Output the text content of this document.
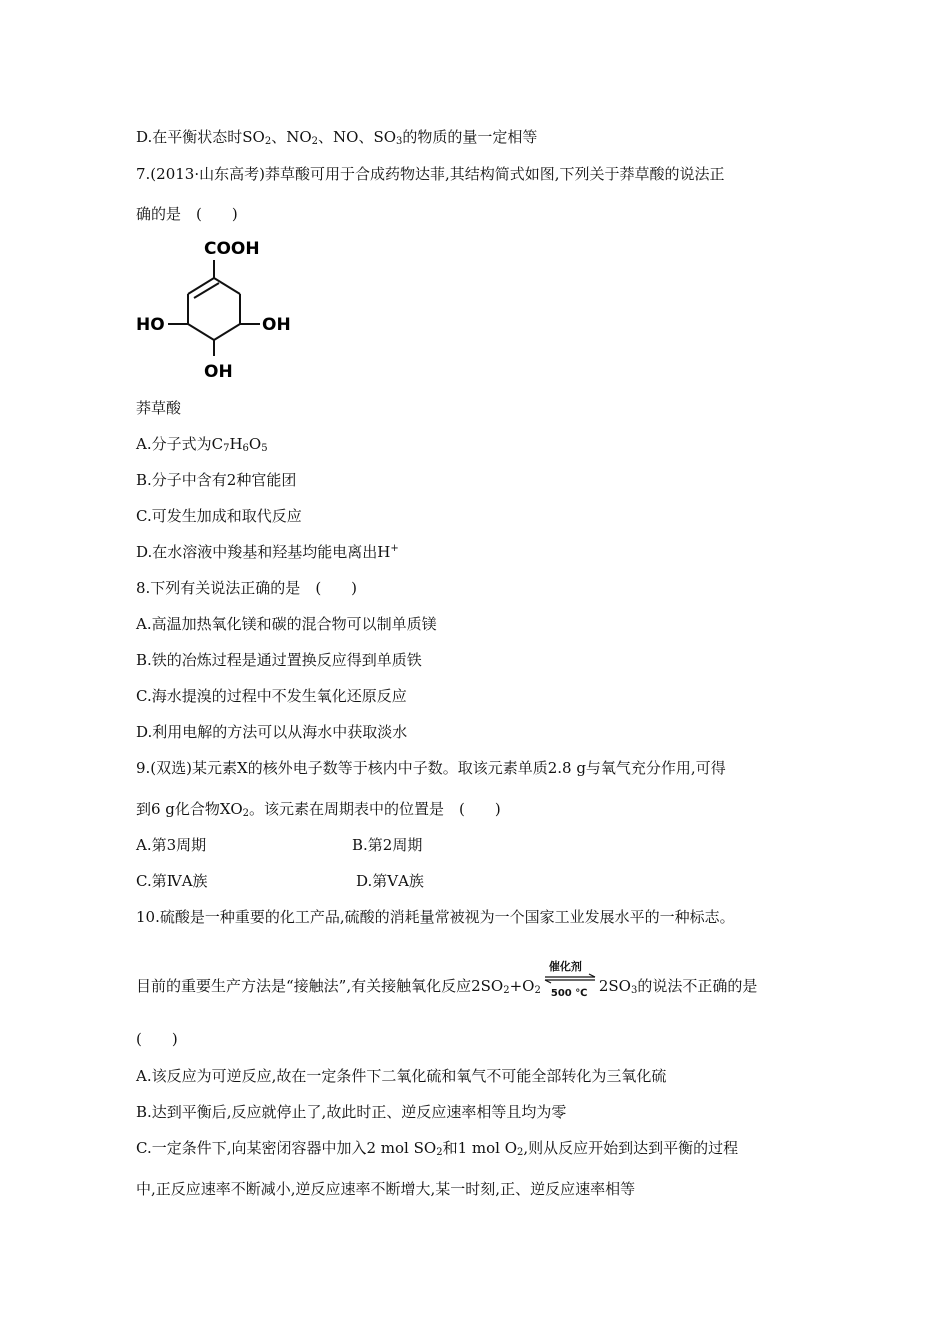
D.在平衡状态时$SO_2$、$NO_2$、NO、$SO_3$的物质的量一定相等
7.(2013·山东高考)莽草酸可用于合成药物达菲,其结构简式如图,下列关于莽草酸的说法正
确的是　(　　)
COOH
HO	OH
OH
莽草酸
A.分子式为$C_7H_6O_5$
B.分子中含有2种官能团
C.可发生加成和取代反应
D.在水溶液中羧基和羟基均能电离出H+
8.下列有关说法正确的是　(　　)
A.高温加热氧化镁和碳的混合物可以制单质镁
B.铁的冶炼过程是通过置换反应得到单质铁
C.海水提溴的过程中不发生氧化还原反应
D.利用电解的方法可以从海水中获取淡水
9.(双选)某元素X的核外电子数等于核内中子数。取该元素单质2.8 g与氧气充分作用,可得
到6 g化合物$XO_2$。该元素在周期表中的位置是　(　　)
A.第3周期	B.第2周期
C.第ⅣA族	D.第ⅤA族
10.硫酸是一种重要的化工产品,硫酸的消耗量常被视为一个国家工业发展水平的一种标志。
目前的重要生产方法是“接触法”,有关接触氧化反应$2SO_2+O_2$
催化剂
500 ℃ $2SO_3$的说法不正确的是
(　　)
A.该反应为可逆反应,故在一定条件下二氧化硫和氧气不可能全部转化为三氧化硫
B.达到平衡后,反应就停止了,故此时正、逆反应速率相等且均为零
C.一定条件下,向某密闭容器中加入2 mol $SO_2$和1 mol $O_2$,则从反应开始到达到平衡的过程
中,正反应速率不断减小,逆反应速率不断增大,某一时刻,正、逆反应速率相等
